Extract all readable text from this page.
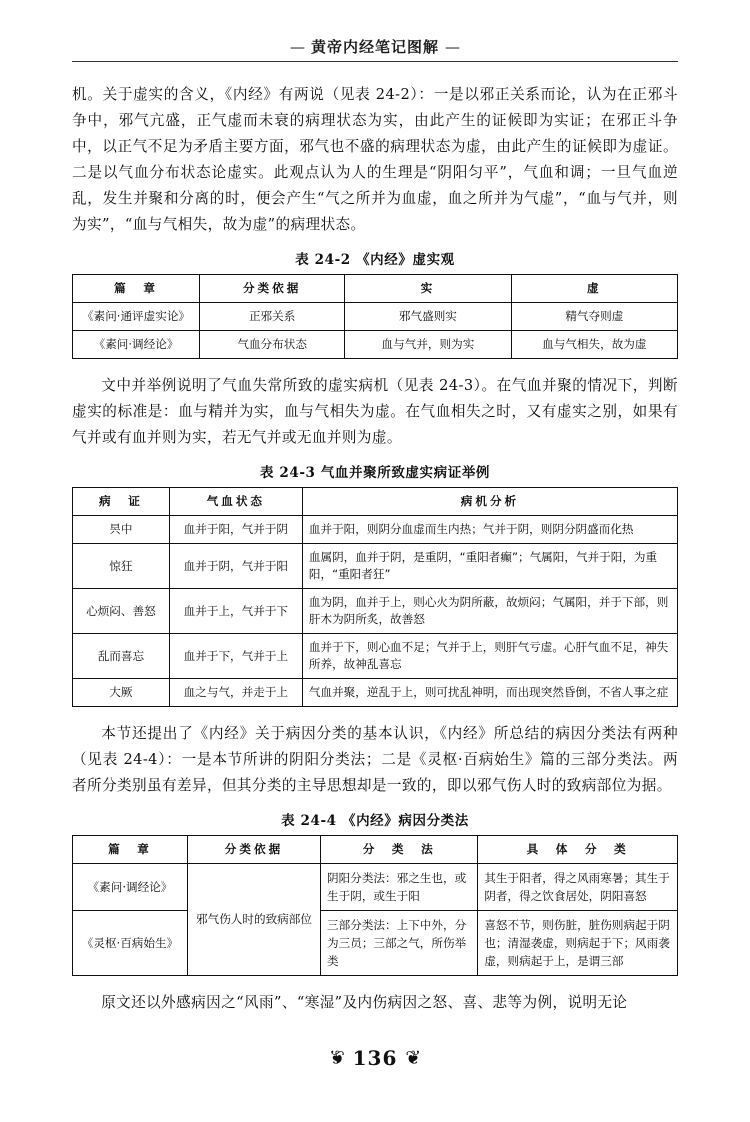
— 黄帝内经笔记图解 —

机。关于虚实的含义，《内经》有两说（见表 24-2）：一是以邪正关系而论，认为在正邪斗争中，邪气亢盛，正气虚而未衰的病理状态为实，由此产生的证候即为实证；在邪正斗争中，以正气不足为矛盾主要方面，邪气也不盛的病理状态为虚，由此产生的证候即为虚证。二是以气血分布状态论虚实。此观点认为人的生理是“阴阳匀平”，气血和调；一旦气血逆乱，发生并聚和分离的时，便会产生“气之所并为血虚，血之所并为气虚”，“血与气并，则为实”，“血与气相失，故为虚”的病理状态。

表 24-2 《内经》虚实观
篇　章	分类依据	实	虚
《素问·通评虚实论》	正邪关系	邪气盛则实	精气夺则虚
《素问·调经论》	气血分布状态	血与气并，则为实	血与气相失，故为虚

文中并举例说明了气血失常所致的虚实病机（见表 24-3）。在气血并聚的情况下，判断虚实的标准是：血与精并为实，血与气相失为虚。在气血相失之时，又有虚实之别，如果有气并或有血并则为实，若无气并或无血并则为虚。

表 24-3 气血并聚所致虚实病证举例
病　证	气血状态	病机分析
昗中	血并于阳，气并于阴	血并于阳，则阴分血虚而生内热；气并于阴，则阴分阴盛而化热
惊狂	血并于阴，气并于阳	血属阴，血并于阴，是重阴，“重阳者癫”；气属阳，气并于阳，为重阳，“重阳者狂”
心烦闷、善怒	血并于上，气并于下	血为阴，血并于上，则心火为阴所蔽，故烦闷；气属阳，并于下部，则肝木为阴所炙，故善怒
乱而喜忘	血并于下，气并于上	血并于下，则心血不足；气并于上，则肝气亏虚。心肝气血不足，神失所养，故神乱喜忘
大厥	血之与气，并走于上	气血并聚，逆乱于上，则可扰乱神明，而出现突然昏倒，不省人事之症

本节还提出了《内经》关于病因分类的基本认识，《内经》所总结的病因分类法有两种（见表 24-4）：一是本节所讲的阴阳分类法；二是《灵枢·百病始生》篇的三部分类法。两者所分类别虽有差异，但其分类的主导思想却是一致的，即以邪气伤人时的致病部位为据。

表 24-4 《内经》病因分类法
篇　章	分类依据	分　类　法	具　体　分　类
《素问·调经论》	邪气伤人时的致病部位	阴阳分类法：邪之生也，或生于阴，或生于阳	其生于阳者，得之风雨寒暑；其生于阴者，得之饮食居处，阴阳喜怒
《灵枢·百病始生》		三部分类法：上下中外，分为三员；三部之气，所伤举类	喜怒不节，则伤脏，脏伤则病起于阴也；清湿袭虚，则病起于下；风雨袭虚，则病起于上，是谓三部

原文还以外感病因之“风雨”、“寒湿”及内伤病因之怒、喜、悲等为例，说明无论

❦ 136 ❦
